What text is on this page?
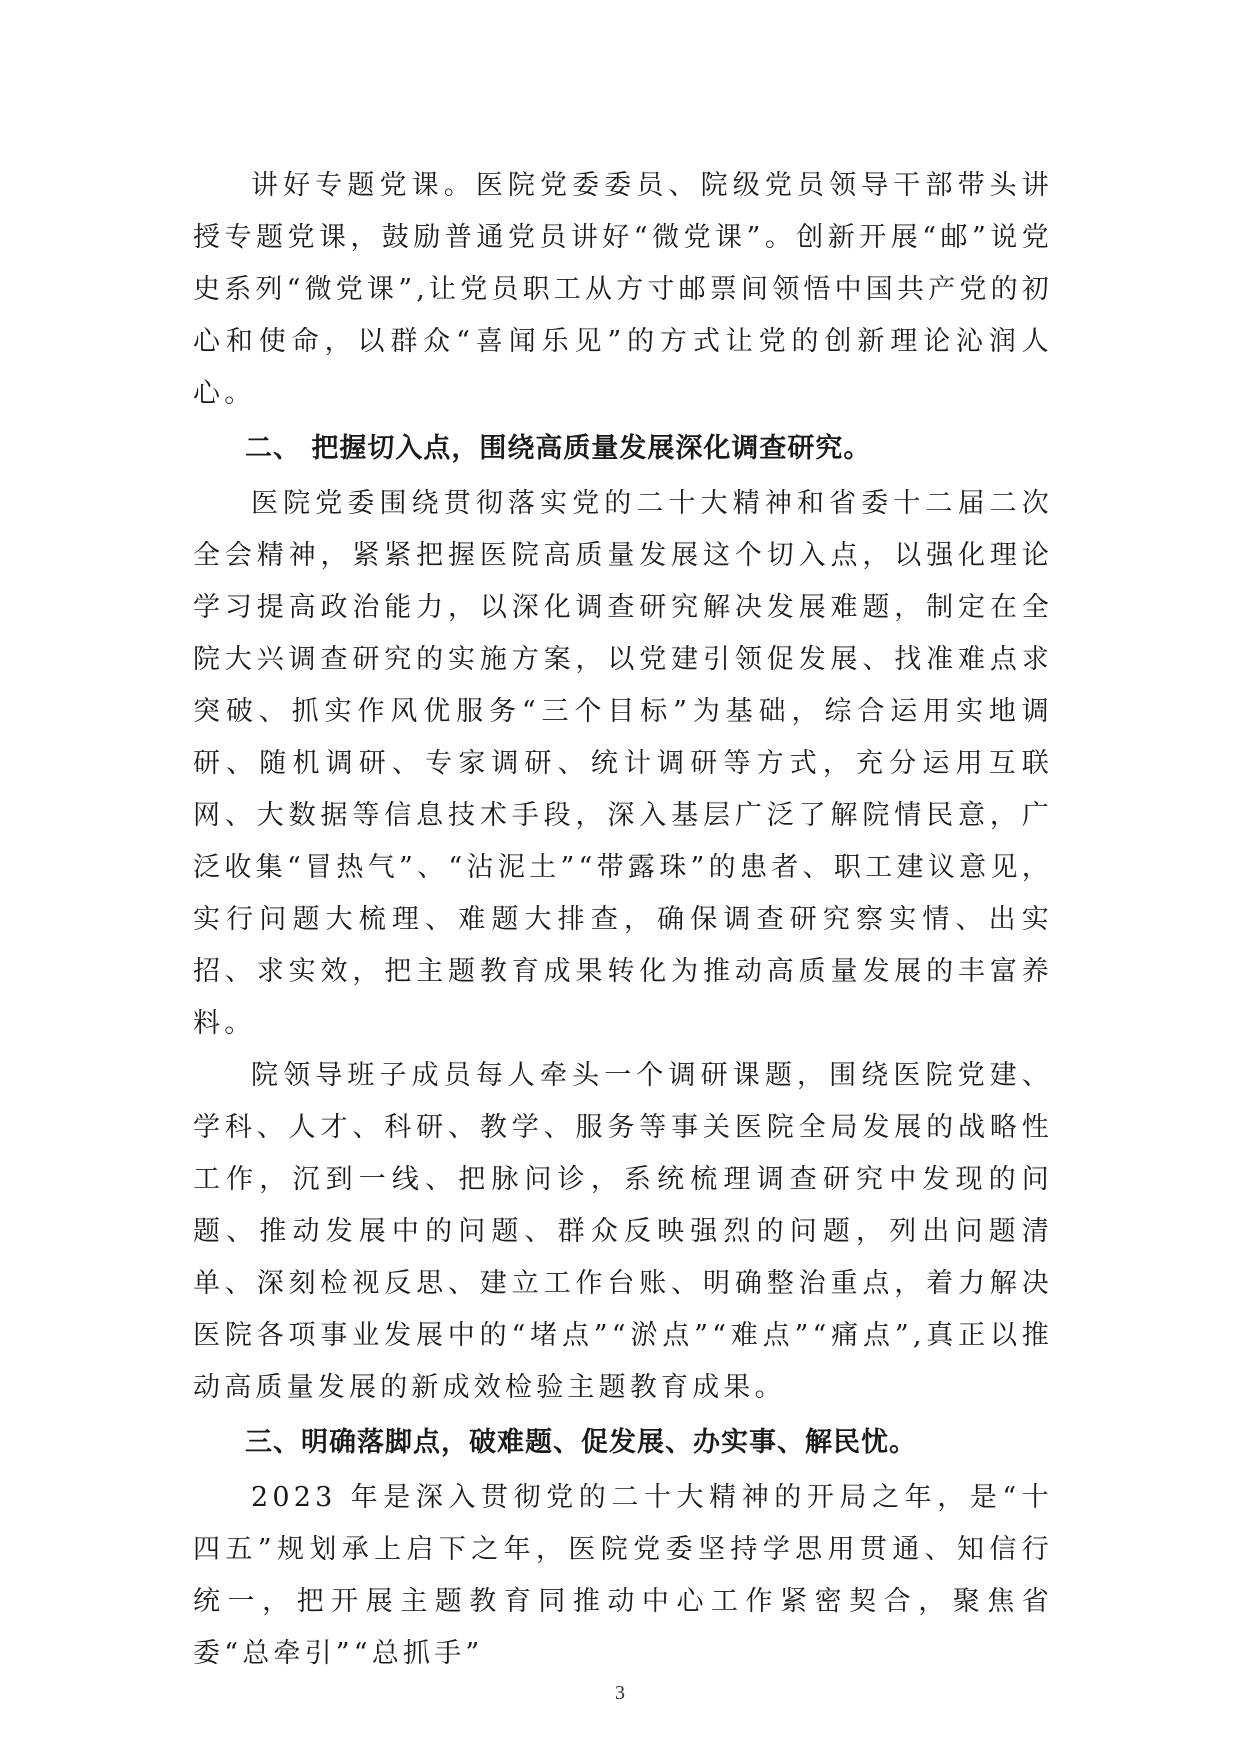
讲好专题党课。医院党委委员、院级党员领导干部带头讲授专题党课，鼓励普通党员讲好“微党课”。创新开展“邮”说党史系列“微党课”,让党员职工从方寸邮票间领悟中国共产党的初心和使命，以群众“喜闻乐见”的方式让党的创新理论沁润人心。

二、 把握切入点，围绕高质量发展深化调查研究。

医院党委围绕贯彻落实党的二十大精神和省委十二届二次全会精神，紧紧把握医院高质量发展这个切入点，以强化理论学习提高政治能力，以深化调查研究解决发展难题，制定在全院大兴调查研究的实施方案，以党建引领促发展、找准难点求突破、抓实作风优服务“三个目标”为基础，综合运用实地调研、随机调研、专家调研、统计调研等方式，充分运用互联网、大数据等信息技术手段，深入基层广泛了解院情民意，广泛收集“冒热气”、“沾泥土”“带露珠”的患者、职工建议意见，实行问题大梳理、难题大排查，确保调查研究察实情、出实招、求实效，把主题教育成果转化为推动高质量发展的丰富养料。

院领导班子成员每人牵头一个调研课题，围绕医院党建、学科、人才、科研、教学、服务等事关医院全局发展的战略性工作，沉到一线、把脉问诊，系统梳理调查研究中发现的问题、推动发展中的问题、群众反映强烈的问题，列出问题清单、深刻检视反思、建立工作台账、明确整治重点，着力解决医院各项事业发展中的“堵点”“淤点”“难点”“痛点”,真正以推动高质量发展的新成效检验主题教育成果。

三、明确落脚点，破难题、促发展、办实事、解民忧。

2023 年是深入贯彻党的二十大精神的开局之年，是“十四五”规划承上启下之年，医院党委坚持学思用贯通、知信行统一，把开展主题教育同推动中心工作紧密契合，聚焦省委“总牵引”“总抓手”

3
